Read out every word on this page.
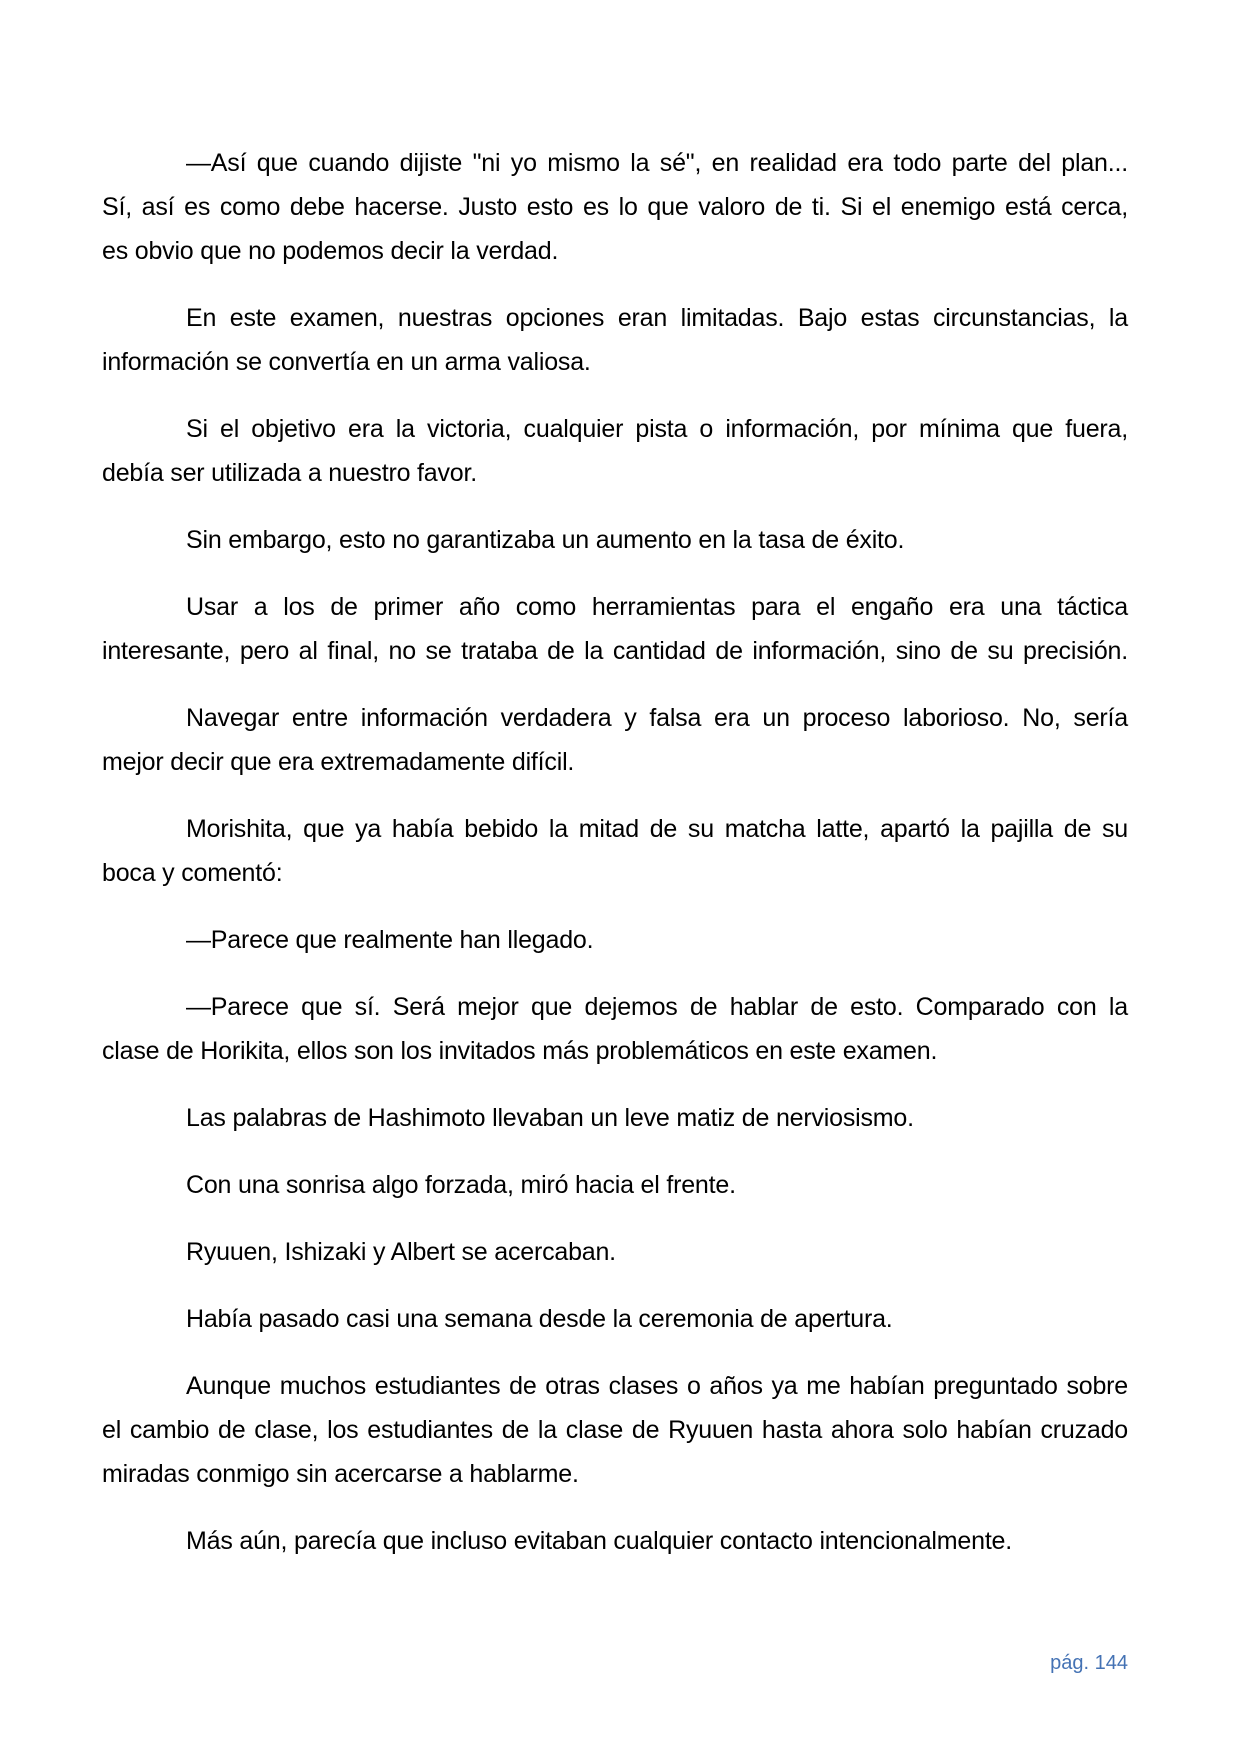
—Así que cuando dijiste "ni yo mismo la sé", en realidad era todo parte del plan...
Sí, así es como debe hacerse. Justo esto es lo que valoro de ti. Si el enemigo está cerca,
es obvio que no podemos decir la verdad.
En este examen, nuestras opciones eran limitadas. Bajo estas circunstancias, la
información se convertía en un arma valiosa.
Si el objetivo era la victoria, cualquier pista o información, por mínima que fuera,
debía ser utilizada a nuestro favor.
Sin embargo, esto no garantizaba un aumento en la tasa de éxito.
Usar a los de primer año como herramientas para el engaño era una táctica
interesante, pero al final, no se trataba de la cantidad de información, sino de su precisión.
Navegar entre información verdadera y falsa era un proceso laborioso. No, sería
mejor decir que era extremadamente difícil.
Morishita, que ya había bebido la mitad de su matcha latte, apartó la pajilla de su
boca y comentó:
—Parece que realmente han llegado.
—Parece que sí. Será mejor que dejemos de hablar de esto. Comparado con la
clase de Horikita, ellos son los invitados más problemáticos en este examen.
Las palabras de Hashimoto llevaban un leve matiz de nerviosismo.
Con una sonrisa algo forzada, miró hacia el frente.
Ryuuen, Ishizaki y Albert se acercaban.
Había pasado casi una semana desde la ceremonia de apertura.
Aunque muchos estudiantes de otras clases o años ya me habían preguntado sobre
el cambio de clase, los estudiantes de la clase de Ryuuen hasta ahora solo habían cruzado
miradas conmigo sin acercarse a hablarme.
Más aún, parecía que incluso evitaban cualquier contacto intencionalmente.
pág. 144
